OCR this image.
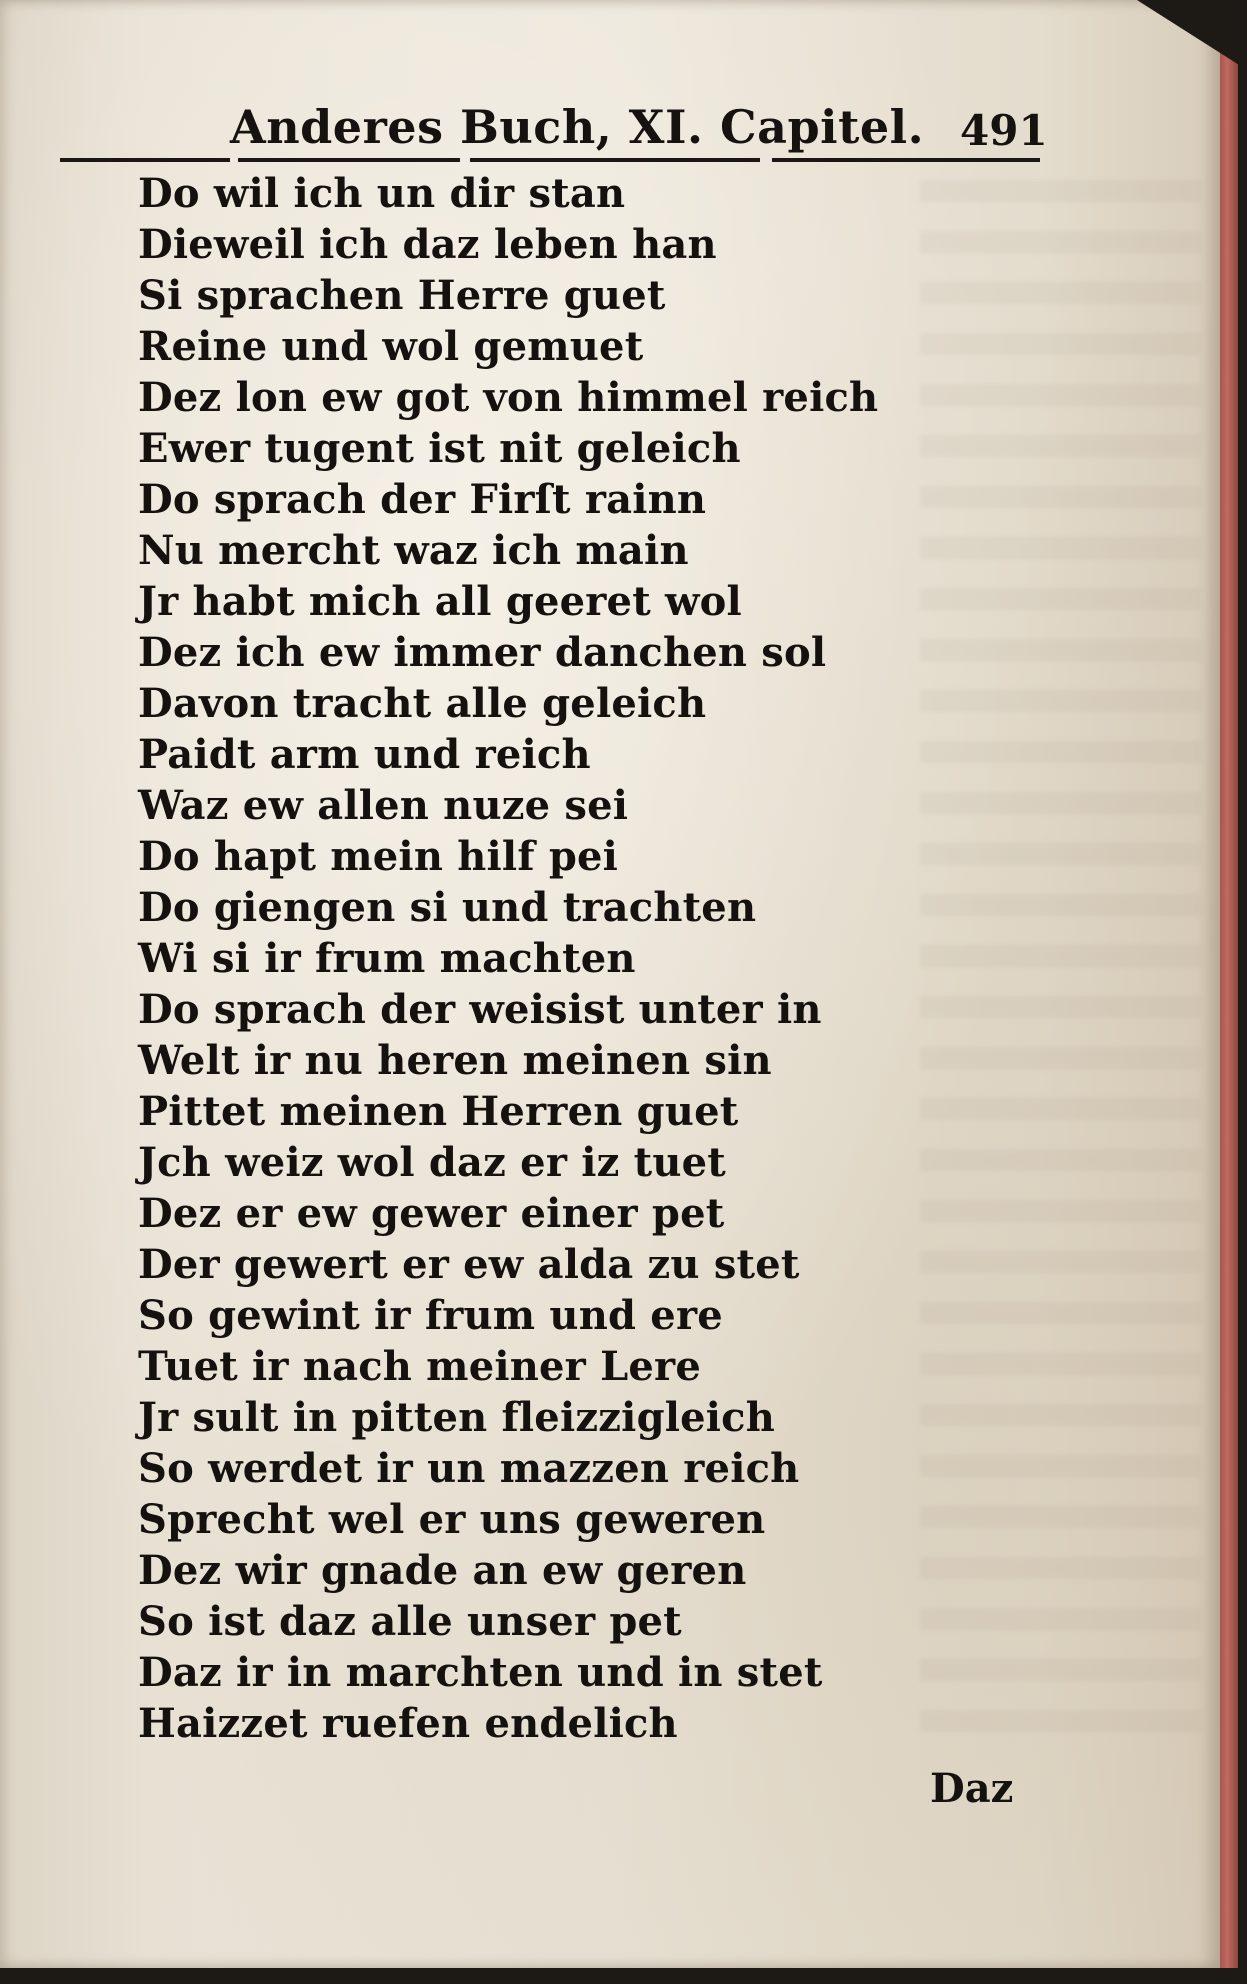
Anderes Buch, XI. Capitel. 491
Do wil ich un dir stan
Dieweil ich daz leben han
Si sprachen Herre guet
Reine und wol gemuet
Dez lon ew got von himmel reich
Ewer tugent ist nit geleich
Do sprach der Firſt rainn
Nu mercht waz ich main
Jr habt mich all geeret wol
Dez ich ew immer danchen sol
Davon tracht alle geleich
Paidt arm und reich
Waz ew allen nuze sei
Do hapt mein hilf pei
Do giengen si und trachten
Wi si ir frum machten
Do sprach der weisist unter in
Welt ir nu heren meinen sin
Pittet meinen Herren guet
Jch weiz wol daz er iz tuet
Dez er ew gewer einer pet
Der gewert er ew alda zu stet
So gewint ir frum und ere
Tuet ir nach meiner Lere
Jr sult in pitten fleizzigleich
So werdet ir un mazzen reich
Sprecht wel er uns geweren
Dez wir gnade an ew geren
So ist daz alle unser pet
Daz ir in marchten und in stet
Haizzet ruefen endelich
Daz
